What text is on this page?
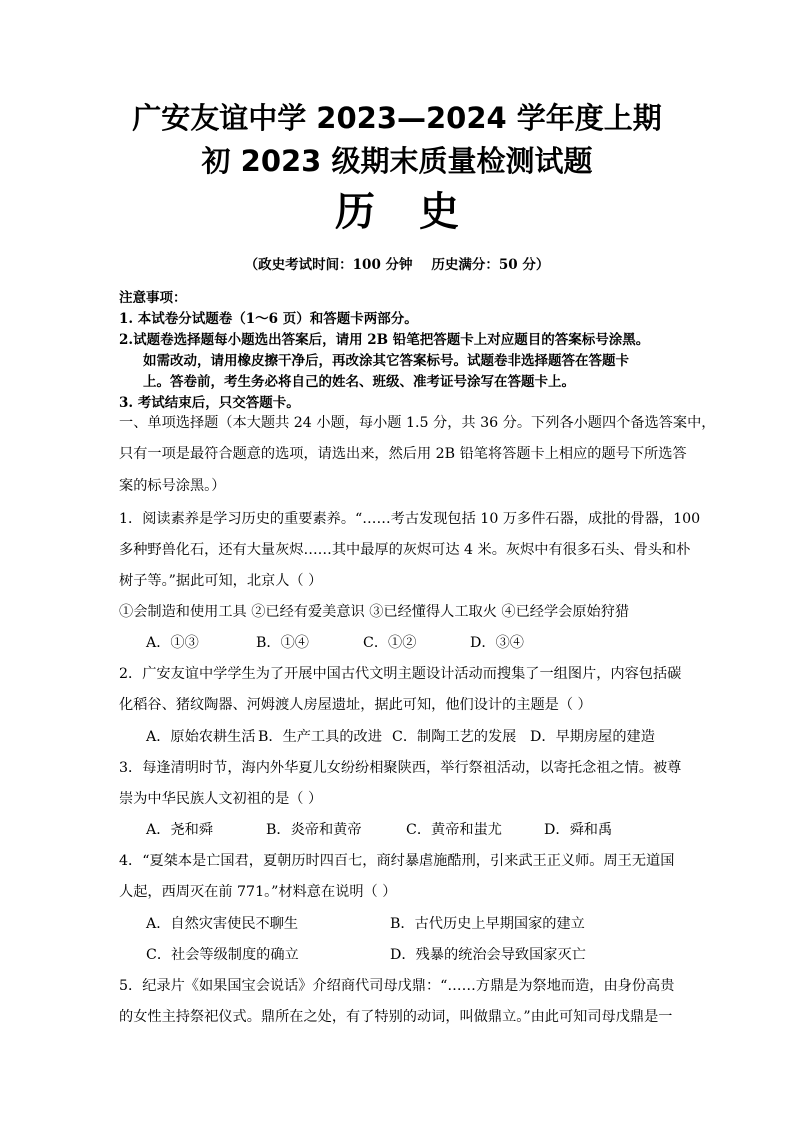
广安友谊中学 2023—2024 学年度上期
初 2023 级期末质量检测试题
历史
（政史考试时间：100 分钟    历史满分：50 分）
注意事项：
1. 本试卷分试题卷（1～6 页）和答题卡两部分。
2.试题卷选择题每小题选出答案后，请用 2B 铅笔把答题卡上对应题目的答案标号涂黑。
如需改动，请用橡皮擦干净后，再改涂其它答案标号。试题卷非选择题答在答题卡
上。答卷前，考生务必将自己的姓名、班级、准考证号涂写在答题卡上。
3. 考试结束后，只交答题卡。
一、单项选择题（本大题共 24 小题，每小题 1.5 分，共 36 分。下列各小题四个备选答案中，
只有一项是最符合题意的选项，请选出来，然后用 2B 铅笔将答题卡上相应的题号下所选答
案的标号涂黑。）
1．阅读素养是学习历史的重要素养。“……考古发现包括 10 万多件石器，成批的骨器，100
多种野兽化石，还有大量灰烬……其中最厚的灰烬可达 4 米。灰烬中有很多石头、骨头和朴
树子等。”据此可知，北京人（ ）
①会制造和使用工具 ②已经有爱美意识 ③已经懂得人工取火 ④已经学会原始狩猎
A．①③	B．①④	C．①②	D．③④
2．广安友谊中学学生为了开展中国古代文明主题设计活动而搜集了一组图片，内容包括碳
化稻谷、猪纹陶器、河姆渡人房屋遗址，据此可知，他们设计的主题是（ ）
A．原始农耕生活 B．生产工具的改进 C．制陶工艺的发展 D．早期房屋的建造
3．每逢清明时节，海内外华夏儿女纷纷相聚陕西，举行祭祖活动，以寄托念祖之情。被尊
崇为中华民族人文初祖的是（ ）
A．尧和舜	B．炎帝和黄帝	C．黄帝和蚩尤	D．舜和禹
4．“夏桀本是亡国君，夏朝历时四百七，商纣暴虐施酷刑，引来武王正义师。周王无道国
人起，西周灭在前 771。”材料意在说明（ ）
A．自然灾害使民不聊生	B．古代历史上早期国家的建立
C．社会等级制度的确立	D．残暴的统治会导致国家灭亡
5．纪录片《如果国宝会说话》介绍商代司母戊鼎：“……方鼎是为祭地而造，由身份高贵
的女性主持祭祀仪式。鼎所在之处，有了特别的动词，叫做鼎立。”由此可知司母戊鼎是一
